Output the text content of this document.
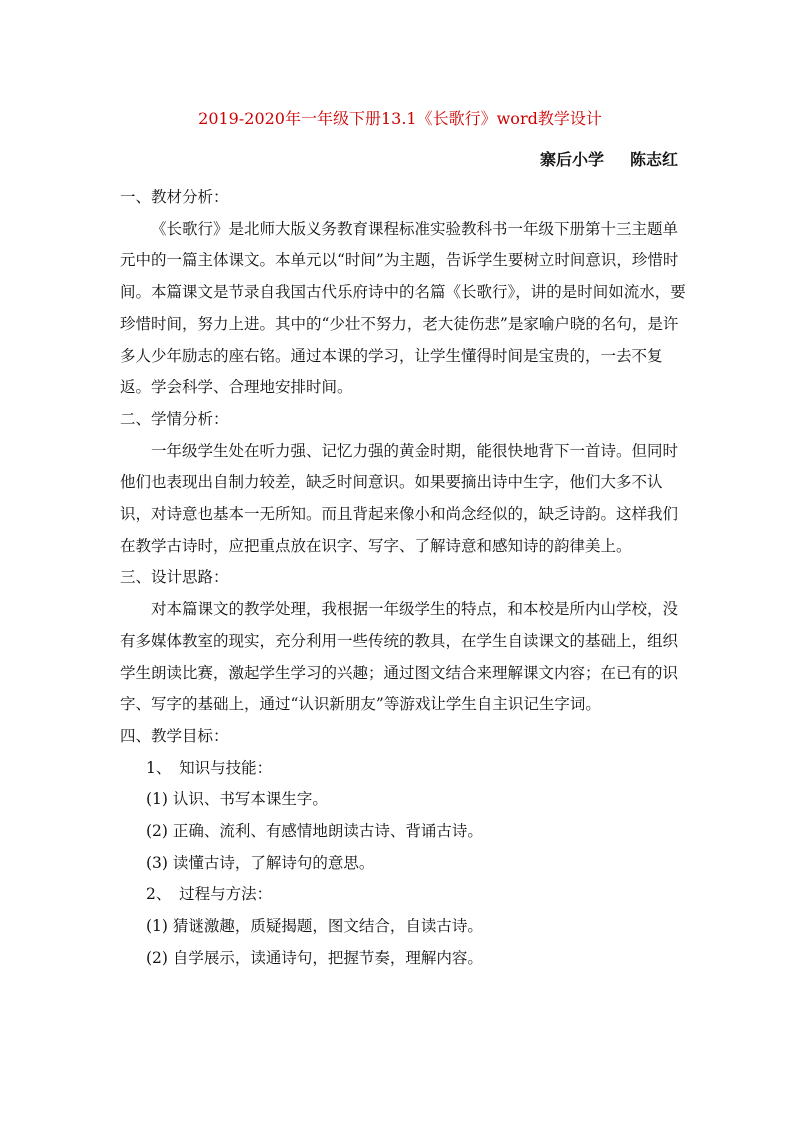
2019-2020年一年级下册13.1《长歌行》word教学设计
寨后小学 陈志红

一、教材分析：

《长歌行》是北师大版义务教育课程标准实验教科书一年级下册第十三主题单元中的一篇主体课文。本单元以“时间”为主题，告诉学生要树立时间意识，珍惜时间。本篇课文是节录自我国古代乐府诗中的名篇《长歌行》，讲的是时间如流水，要珍惜时间，努力上进。其中的“少壮不努力，老大徒伤悲”是家喻户晓的名句，是许多人少年励志的座右铭。通过本课的学习，让学生懂得时间是宝贵的，一去不复返。学会科学、合理地安排时间。

二、学情分析：

一年级学生处在听力强、记忆力强的黄金时期，能很快地背下一首诗。但同时他们也表现出自制力较差，缺乏时间意识。如果要摘出诗中生字，他们大多不认识，对诗意也基本一无所知。而且背起来像小和尚念经似的，缺乏诗韵。这样我们在教学古诗时，应把重点放在识字、写字、了解诗意和感知诗的韵律美上。

三、设计思路：

对本篇课文的教学处理，我根据一年级学生的特点，和本校是所内山学校，没有多媒体教室的现实，充分利用一些传统的教具，在学生自读课文的基础上，组织学生朗读比赛，激起学生学习的兴趣；通过图文结合来理解课文内容；在已有的识字、写字的基础上，通过“认识新朋友”等游戏让学生自主识记生字词。

四、教学目标：

1、　知识与技能：

(1) 认识、书写本课生字。

(2) 正确、流利、有感情地朗读古诗、背诵古诗。

(3) 读懂古诗，了解诗句的意思。

2、　过程与方法：

(1) 猜谜激趣，质疑揭题，图文结合，自读古诗。

(2) 自学展示，读通诗句，把握节奏，理解内容。
